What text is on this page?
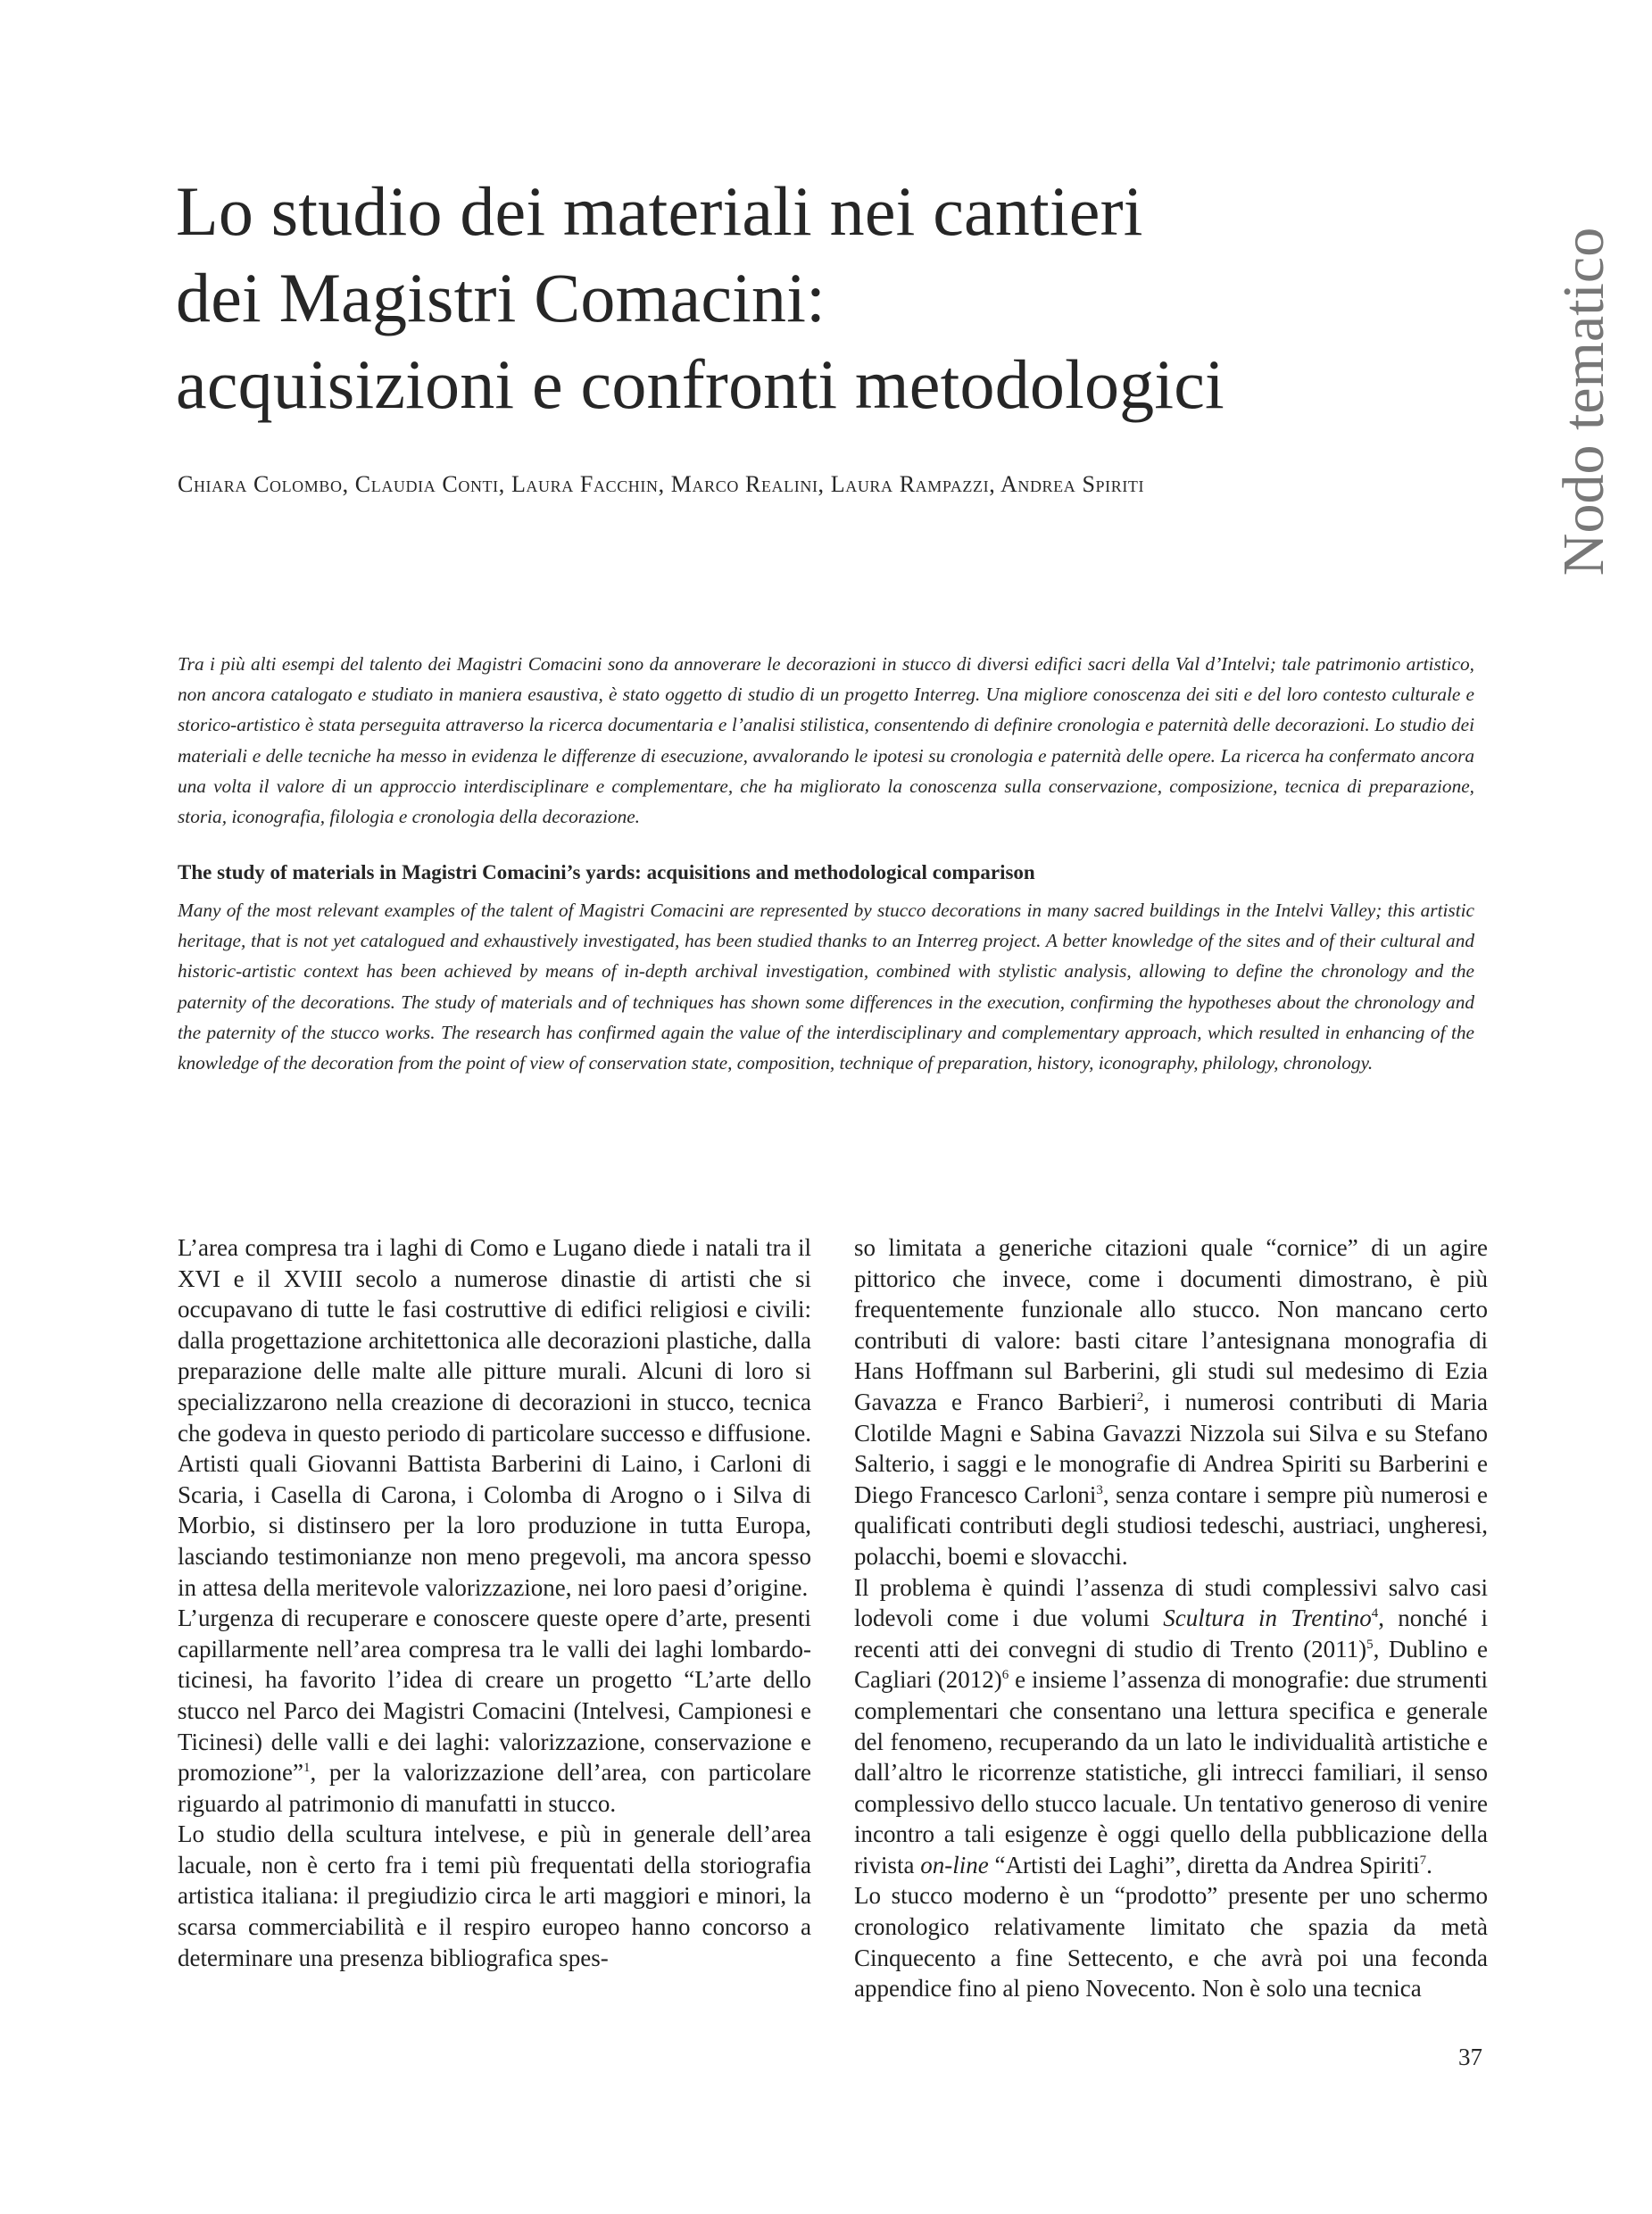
Lo studio dei materiali nei cantieri
dei Magistri Comacini:
acquisizioni e confronti metodologici
Chiara Colombo, Claudia Conti, Laura Facchin, Marco Realini, Laura Rampazzi, Andrea Spiriti	Nodo tematico

Tra i più alti esempi del talento dei Magistri Comacini sono da annoverare le decorazioni in stucco di diversi edifici sacri della Val d’Intelvi; tale patrimonio artistico, non ancora catalogato e studiato in maniera esaustiva, è stato oggetto di studio di un progetto Interreg. Una migliore conoscenza dei siti e del loro contesto culturale e storico-artistico è stata perseguita attraverso la ricerca documentaria e l’analisi stilistica, consentendo di definire cronologia e paternità delle decorazioni. Lo studio dei materiali e delle tecniche ha messo in evidenza le differenze di esecuzione, avvalorando le ipotesi su cronologia e paternità delle opere. La ricerca ha confermato ancora una volta il valore di un approccio interdisciplinare e complementare, che ha migliorato la conoscenza sulla conservazione, composizione, tecnica di preparazione, storia, iconografia, filologia e cronologia della decorazione.

The study of materials in Magistri Comacini’s yards: acquisitions and methodological comparison

Many of the most relevant examples of the talent of Magistri Comacini are represented by stucco decorations in many sacred buildings in the Intelvi Valley; this artistic heritage, that is not yet catalogued and exhaustively investigated, has been studied thanks to an Interreg project. A better knowledge of the sites and of their cultural and historic-artistic context has been achieved by means of in-depth archival investigation, combined with stylistic analysis, allowing to define the chronology and the paternity of the decorations. The study of materials and of techniques has shown some differences in the execution, confirming the hypotheses about the chronology and the paternity of the stucco works. The research has confirmed again the value of the interdisciplinary and complementary approach, which resulted in enhancing of the knowledge of the decoration from the point of view of conservation state, composition, technique of preparation, history, iconography, philology, chronology.

L’area compresa tra i laghi di Como e Lugano diede i natali tra il XVI e il XVIII secolo a numerose dinastie di artisti che si occupavano di tutte le fasi costruttive di edifici religiosi e civili: dalla progettazione architettonica alle decorazioni plastiche, dalla preparazione delle malte alle pitture murali. Alcuni di loro si specializzarono nella creazione di decorazioni in stucco, tecnica che godeva in questo periodo di particolare successo e diffusione. Artisti quali Giovanni Battista Barberini di Laino, i Carloni di Scaria, i Casella di Carona, i Colomba di Arogno o i Silva di Morbio, si distinsero per la loro produzione in tutta Europa, lasciando testimonianze non meno pregevoli, ma ancora spesso in attesa della meritevole valorizzazione, nei loro paesi d’origine.

L’urgenza di recuperare e conoscere queste opere d’arte, presenti capillarmente nell’area compresa tra le valli dei laghi lombardo-ticinesi, ha favorito l’idea di creare un progetto “L’arte dello stucco nel Parco dei Magistri Comacini (Intelvesi, Campionesi e Ticinesi) delle valli e dei laghi: valorizzazione, conservazione e promozione”$^1$, per la valorizzazione dell’area, con particolare riguardo al patrimonio di manufatti in stucco.

Lo studio della scultura intelvese, e più in generale dell’area lacuale, non è certo fra i temi più frequentati della storiografia artistica italiana: il pregiudizio circa le arti maggiori e minori, la scarsa commerciabilità e il respiro europeo hanno concorso a determinare una presenza bibliografica spes-

so limitata a generiche citazioni quale “cornice” di un agire pittorico che invece, come i documenti dimostrano, è più frequentemente funzionale allo stucco. Non mancano certo contributi di valore: basti citare l’antesignana monografia di Hans Hoffmann sul Barberini, gli studi sul medesimo di Ezia Gavazza e Franco Barbieri$^2$, i numerosi contributi di Maria Clotilde Magni e Sabina Gavazzi Nizzola sui Silva e su Stefano Salterio, i saggi e le monografie di Andrea Spiriti su Barberini e Diego Francesco Carloni$^3$, senza contare i sempre più numerosi e qualificati contributi degli studiosi tedeschi, austriaci, ungheresi, polacchi, boemi e slovacchi.

Il problema è quindi l’assenza di studi complessivi salvo casi lodevoli come i due volumi Scultura in Trentino$^4$, nonché i recenti atti dei convegni di studio di Trento $(2011)^5$, Dublino e Cagliari $(2012)^6$ e insieme l’assenza di monografie: due strumenti complementari che consentano una lettura specifica e generale del fenomeno, recuperando da un lato le individualità artistiche e dall’altro le ricorrenze statistiche, gli intrecci familiari, il senso complessivo dello stucco lacuale. Un tentativo generoso di venire incontro a tali esigenze è oggi quello della pubblicazione della rivista on-line “Artisti dei Laghi”, diretta da Andrea Spiriti$^7$.

Lo stucco moderno è un “prodotto” presente per uno schermo cronologico relativamente limitato che spazia da metà Cinquecento a fine Settecento, e che avrà poi una feconda appendice fino al pieno Novecento. Non è solo una tecnica

37
